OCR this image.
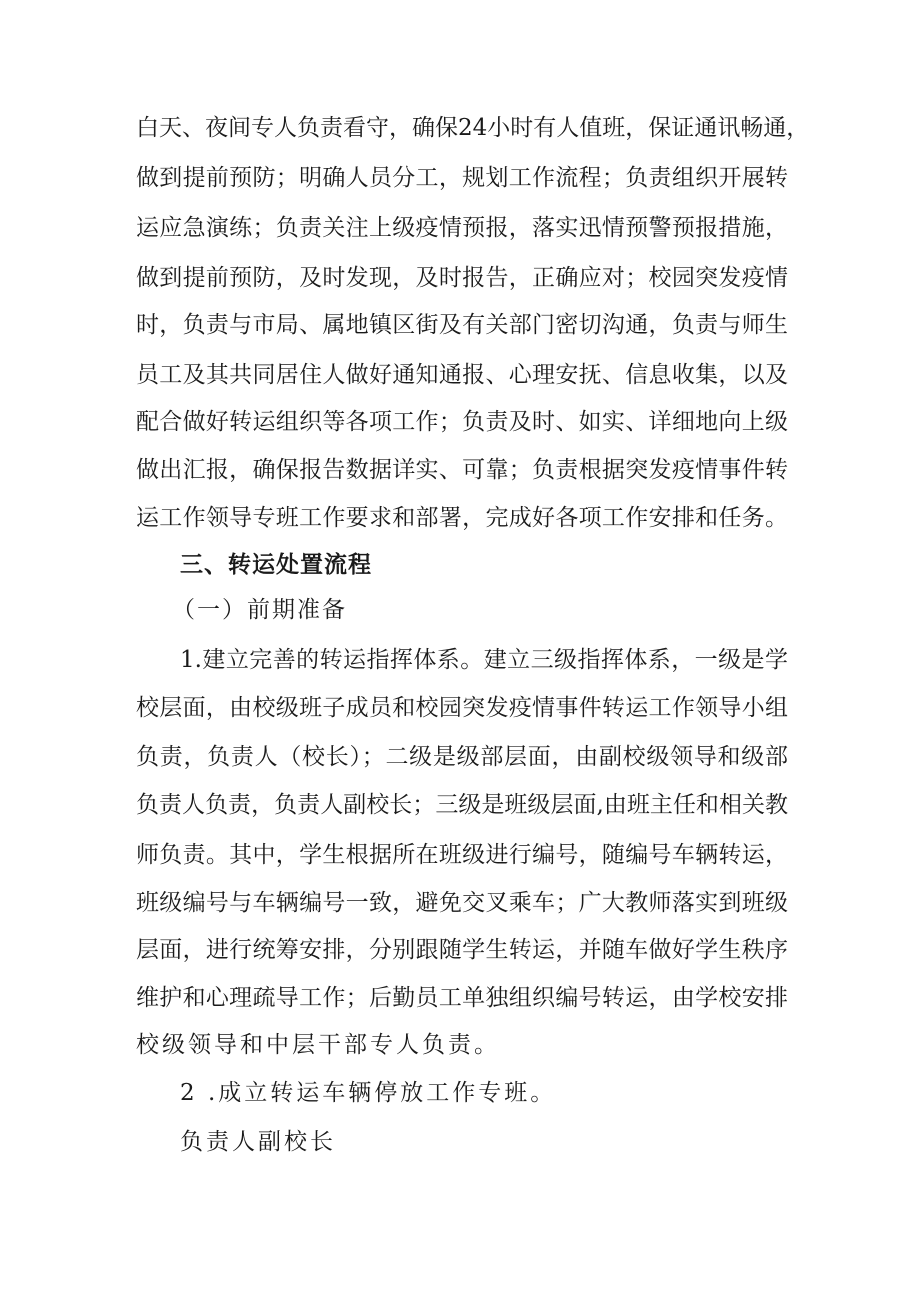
白天、夜间专人负责看守，确保24小时有人值班，保证通讯畅通，
做到提前预防；明确人员分工，规划工作流程；负责组织开展转
运应急演练；负责关注上级疫情预报，落实迅情预警预报措施，
做到提前预防，及时发现，及时报告，正确应对；校园突发疫情
时，负责与市局、属地镇区街及有关部门密切沟通，负责与师生
员工及其共同居住人做好通知通报、心理安抚、信息收集，以及
配合做好转运组织等各项工作；负责及时、如实、详细地向上级
做出汇报，确保报告数据详实、可靠；负责根据突发疫情事件转
运工作领导专班工作要求和部署，完成好各项工作安排和任务。
三、转运处置流程
（一）前期准备
1.建立完善的转运指挥体系。建立三级指挥体系，一级是学
校层面，由校级班子成员和校园突发疫情事件转运工作领导小组
负责，负责人（校长）；二级是级部层面，由副校级领导和级部
负责人负责，负责人副校长；三级是班级层面,由班主任和相关教
师负责。其中，学生根据所在班级进行编号，随编号车辆转运，
班级编号与车辆编号一致，避免交叉乘车；广大教师落实到班级
层面，进行统筹安排，分别跟随学生转运，并随车做好学生秩序
维护和心理疏导工作；后勤员工单独组织编号转运，由学校安排
校级领导和中层干部专人负责。
2 .成立转运车辆停放工作专班。
负责人副校长
